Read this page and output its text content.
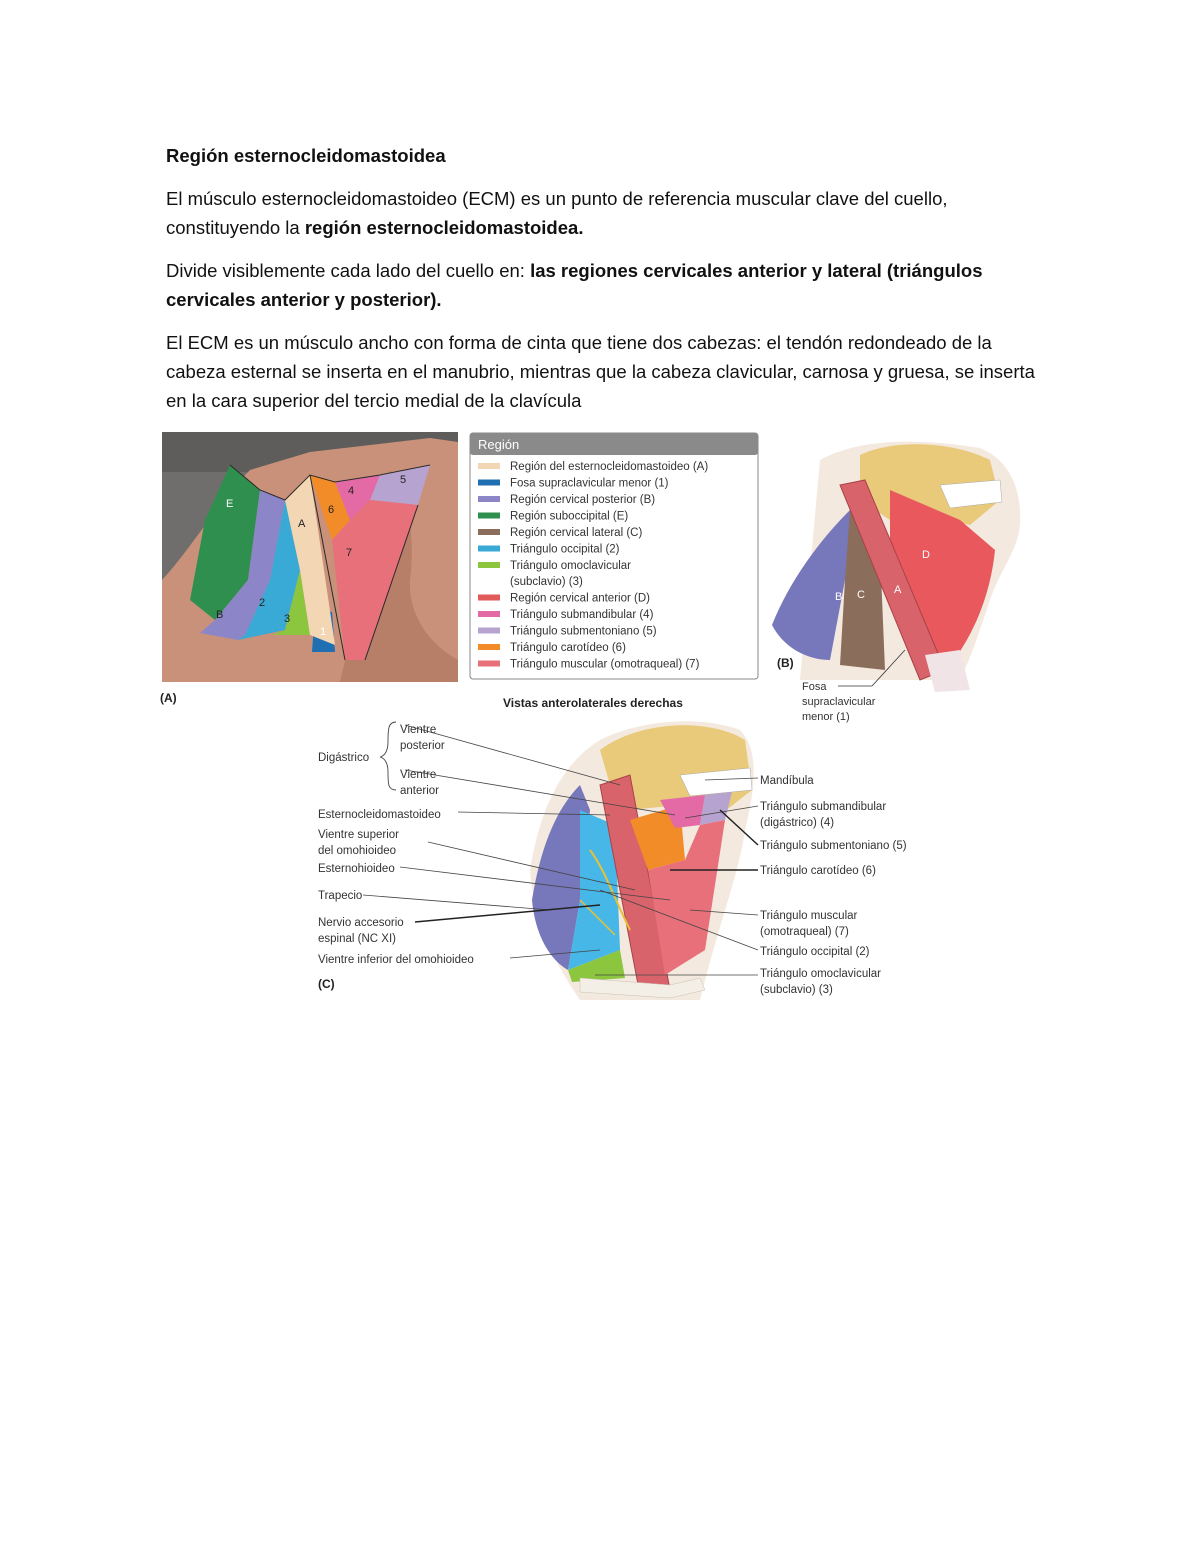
Región esternocleidomastoidea
El músculo esternocleidomastoideo (ECM) es un punto de referencia muscular clave del cuello, constituyendo la región esternocleidomastoidea.
Divide visiblemente cada lado del cuello en: las regiones cervicales anterior y lateral (triángulos cervicales anterior y posterior).
El ECM es un músculo ancho con forma de cinta que tiene dos cabezas: el tendón redondeado de la cabeza esternal se inserta en el manubrio, mientras que la cabeza clavicular, carnosa y gruesa, se inserta en la cara superior del tercio medial de la clavícula
E
B
2
3
1
A
6
4
5
7
(A)
Región
Región del esternocleidomastoideo (A)
Fosa supraclavicular menor (1)
Región cervical posterior (B)
Región suboccipital (E)
Región cervical lateral (C)
Triángulo occipital (2)
Triángulo omoclavicular
(subclavio) (3)
Región cervical anterior (D)
Triángulo submandibular (4)
Triángulo submentoniano (5)
Triángulo carotídeo (6)
Triángulo muscular (omotraqueal) (7)
Vistas anterolaterales derechas
B C	A
D
(B)
Fosa
supraclavicular
menor (1)
Digástrico
Vientre
posterior
Vientre
anterior
Esternocleidomastoideo
Vientre superior
del omohioideo
Esternohioideo
Trapecio
Nervio accesorio
espinal (NC XI)
Vientre inferior del omohioideo
(C)
Mandíbula
Triángulo submandibular
(digástrico) (4)
Triángulo submentoniano (5)
Triángulo carotídeo (6)
Triángulo muscular
(omotraqueal) (7)
Triángulo occipital (2)
Triángulo omoclavicular
(subclavio) (3)
